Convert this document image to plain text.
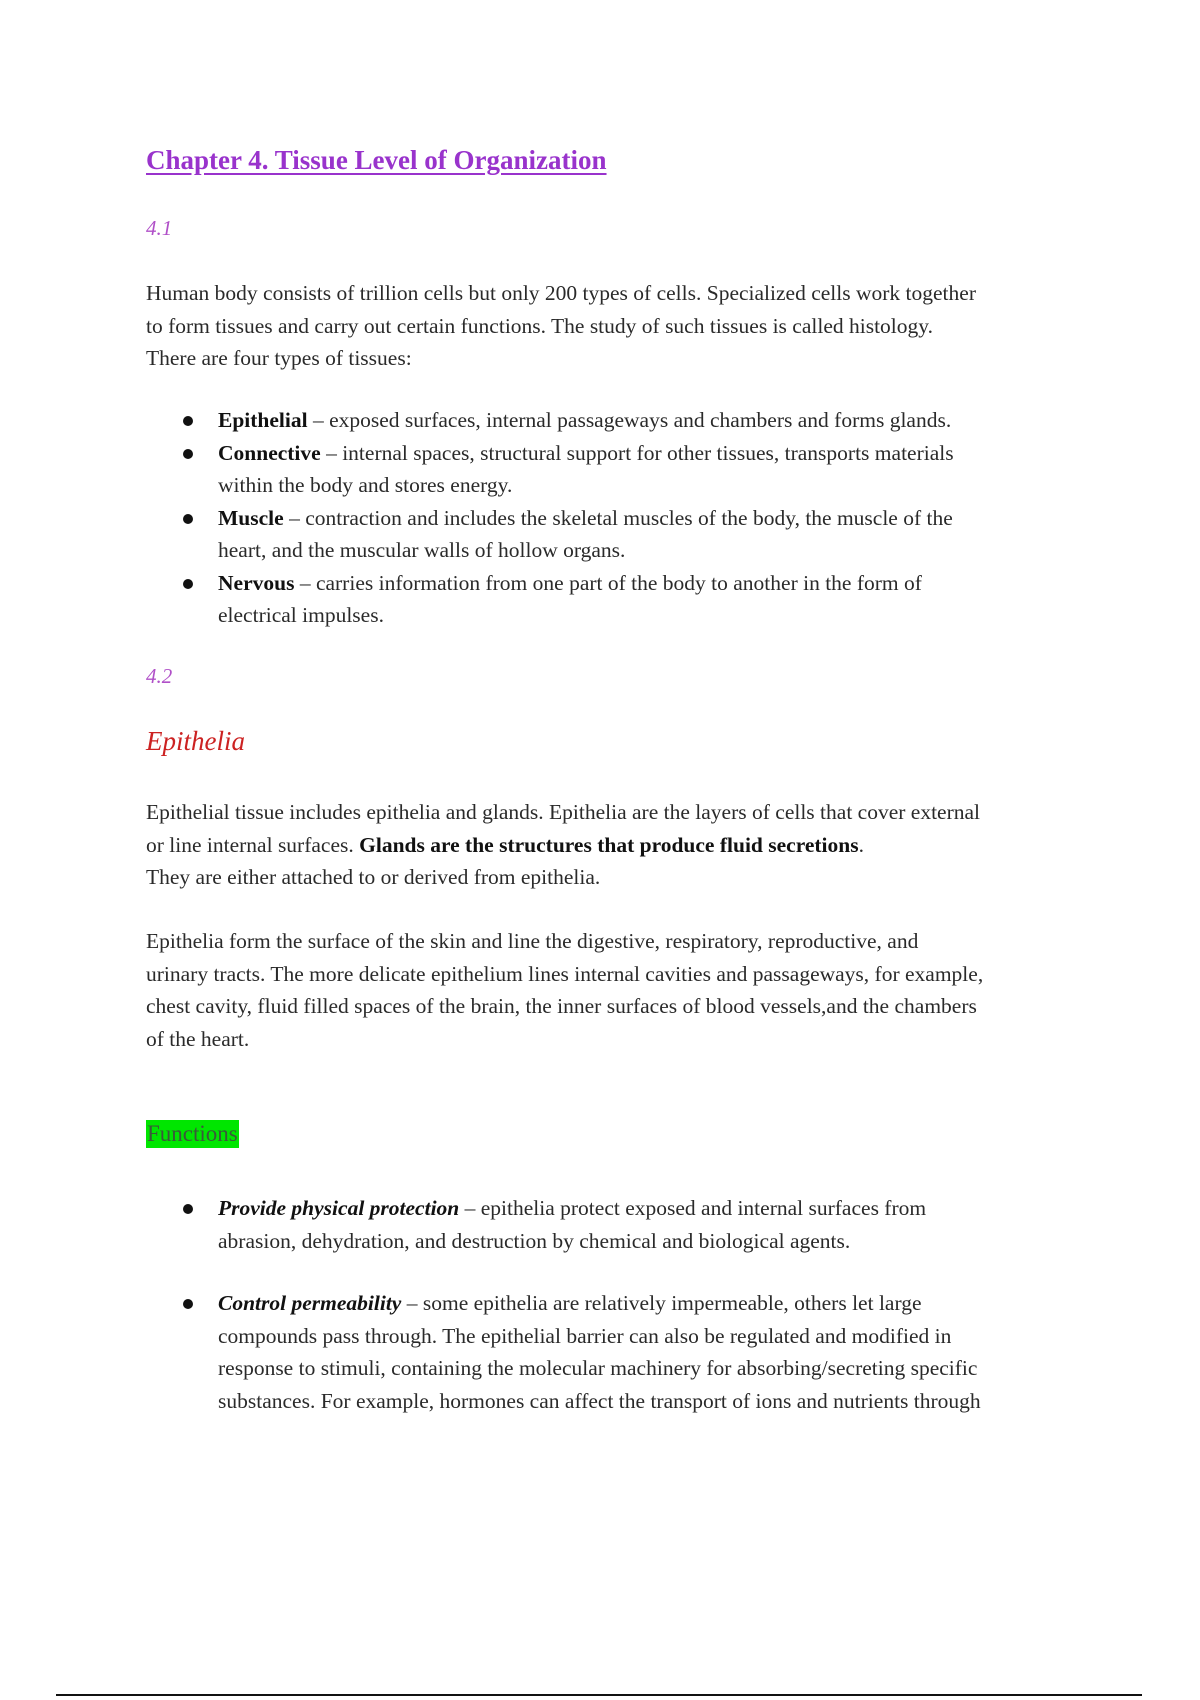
Chapter 4. Tissue Level of Organization

4.1

Human body consists of trillion cells but only 200 types of cells. Specialized cells work together
to form tissues and carry out certain functions. The study of such tissues is called histology.
There are four types of tissues:

Epithelial – exposed surfaces, internal passageways and chambers and forms glands.
Connective – internal spaces, structural support for other tissues, transports materials
within the body and stores energy.
Muscle – contraction and includes the skeletal muscles of the body, the muscle of the
heart, and the muscular walls of hollow organs.
Nervous – carries information from one part of the body to another in the form of
electrical impulses.

4.2

Epithelia

Epithelial tissue includes epithelia and glands. Epithelia are the layers of cells that cover external
or line internal surfaces. Glands are the structures that produce fluid secretions.
They are either attached to or derived from epithelia.

Epithelia form the surface of the skin and line the digestive, respiratory, reproductive, and
urinary tracts. The more delicate epithelium lines internal cavities and passageways, for example,
chest cavity, fluid filled spaces of the brain, the inner surfaces of blood vessels,and the chambers
of the heart.

Functions

Provide physical protection – epithelia protect exposed and internal surfaces from
abrasion, dehydration, and destruction by chemical and biological agents.
Control permeability – some epithelia are relatively impermeable, others let large
compounds pass through. The epithelial barrier can also be regulated and modified in
response to stimuli, containing the molecular machinery for absorbing/secreting specific
substances. For example, hormones can affect the transport of ions and nutrients through
